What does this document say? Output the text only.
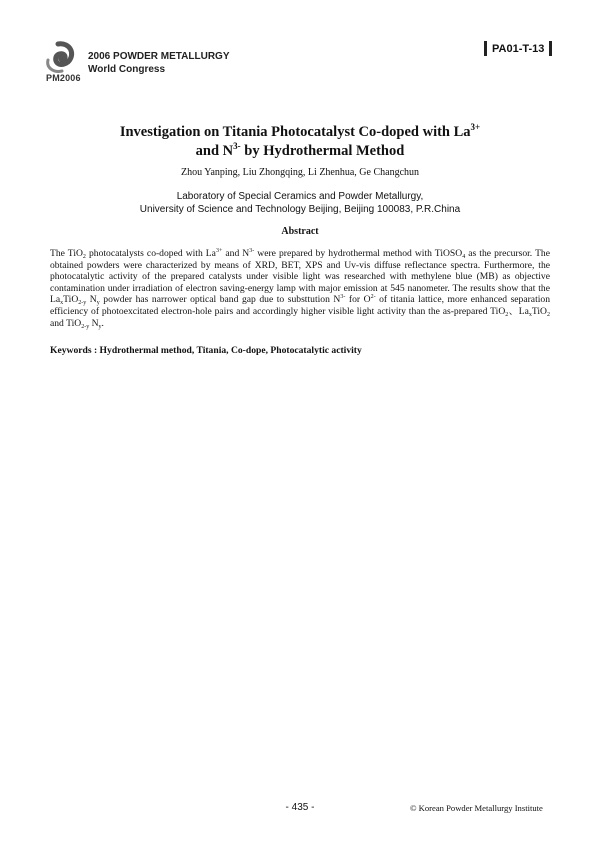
PM2006
2006 POWDER METALLURGY
World Congress
PA01-T-13
Investigation on Titania Photocatalyst Co-doped with $La^{3+}$
and $N^{3-}$ by Hydrothermal Method
Zhou Yanping, Liu Zhongqing, Li Zhenhua, Ge Changchun
Laboratory of Special Ceramics and Powder Metallurgy,
University of Science and Technology Beijing, Beijing 100083, P.R.China
Abstract
The TiO$_2$ photocatalysts co-doped with $La^{3+}$ and $N^{3-}$ were prepared by hydrothermal method with TiOSO$_4$ as the precursor. The obtained powders were characterized by means of XRD, BET, XPS and Uv-vis diffuse reflectance spectra. Furthermore, the photocatalytic activity of the prepared catalysts under visible light was researched with methylene blue (MB) as objective contamination under irradiation of electron saving-energy lamp with major emission at 545 nanometer. The results show that the $La_xTiO_{2-y}$ $N_y$ powder has narrower optical band gap due to substtution $N^{3-}$ for $O^{2-}$ of titania lattice, more enhanced separation efficiency of photoexcitated electron-hole pairs and accordingly higher visible light activity than the as-prepared TiO$_2$、$La_xTiO_2$ and TiO$_{2-y}$ $N_y$.
Keywords : Hydrothermal method, Titania, Co-dope, Photocatalytic activity
- 435 -	© Korean Powder Metallurgy Institute
